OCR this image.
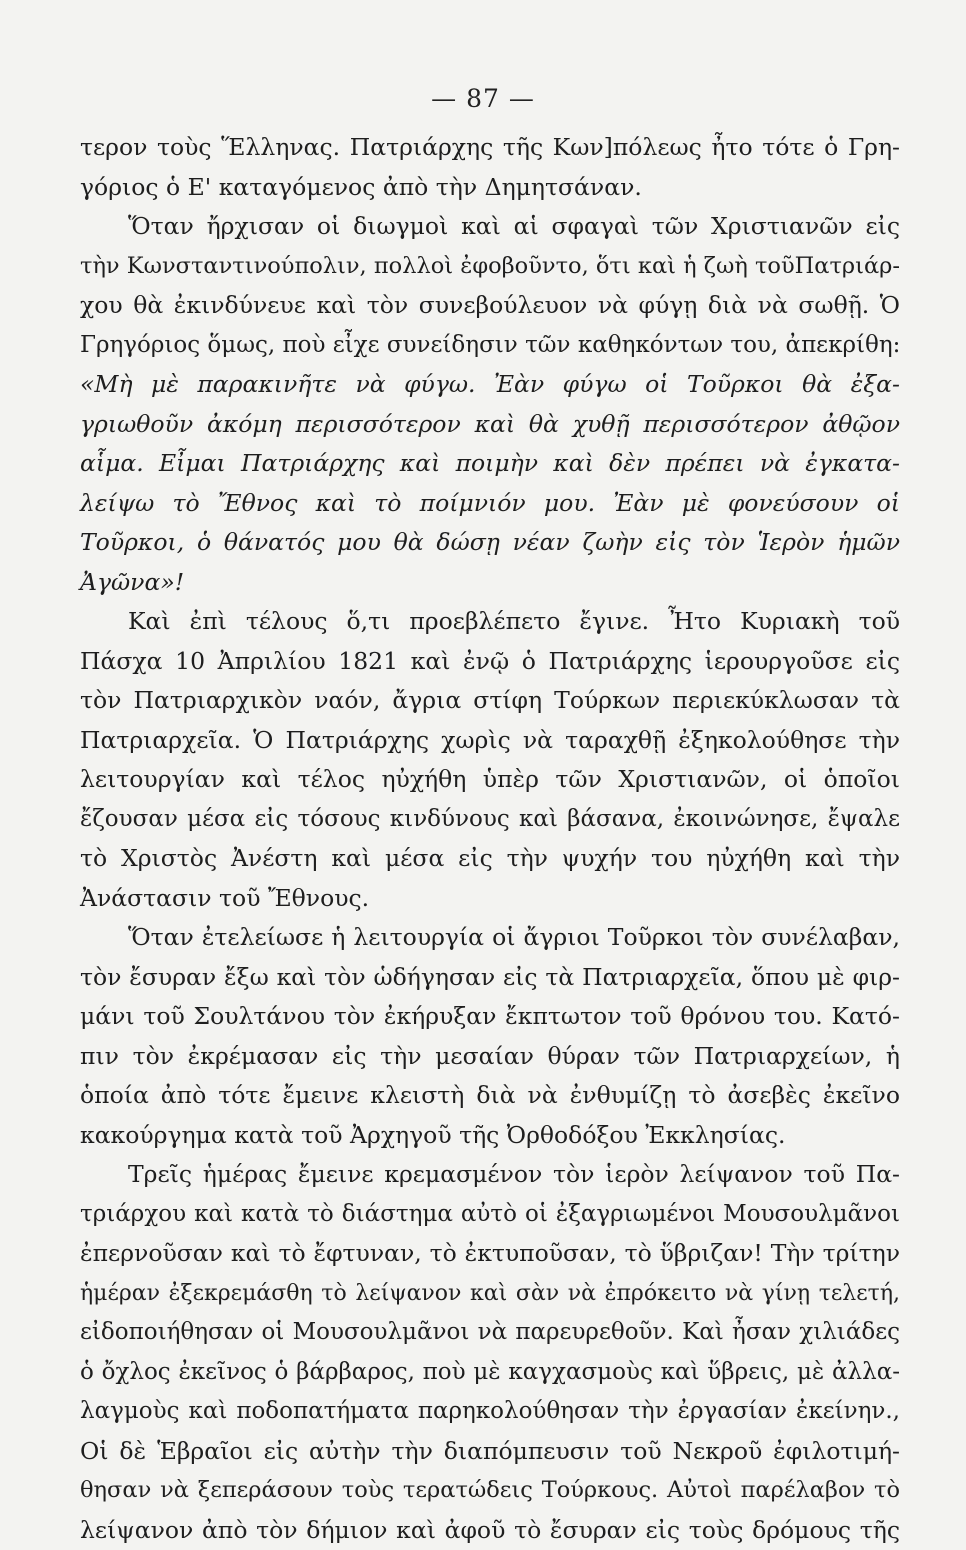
— 87 —
τερον τοὺς Ἕλληνας. Πατριάρχης τῆς Κων]πόλεως ἦτο τότε ὁ Γρη-
γόριος ὁ Ε' καταγόμενος ἀπὸ τὴν Δημητσάναν.
Ὅταν ἤρχισαν οἱ διωγμοὶ καὶ αἱ σφαγαὶ τῶν Χριστιανῶν εἰς
τὴν Κωνσταντινούπολιν, πολλοὶ ἐφοβοῦντο, ὅτι καὶ ἡ ζωὴ τοῦΠατριάρ-
χου θὰ ἐκινδύνευε καὶ τὸν συνεβούλευον νὰ φύγῃ διὰ νὰ σωθῇ. Ὁ
Γρηγόριος ὅμως, ποὺ εἶχε συνείδησιν τῶν καθηκόντων του, ἀπεκρίθη:
«Μὴ μὲ παρακινῆτε νὰ φύγω. Ἐὰν φύγω οἱ Τοῦρκοι θὰ ἐξα-
γριωθοῦν ἀκόμη περισσότερον καὶ θὰ χυθῇ περισσότερον ἀθῷον
αἷμα. Εἶμαι Πατριάρχης καὶ ποιμὴν καὶ δὲν πρέπει νὰ ἐγκατα-
λείψω τὸ Ἔθνος καὶ τὸ ποίμνιόν μου. Ἐὰν μὲ φονεύσουν οἱ
Τοῦρκοι, ὁ θάνατός μου θὰ δώσῃ νέαν ζωὴν εἰς τὸν Ἱερὸν ἡμῶν
Ἀγῶνα»!
Καὶ ἐπὶ τέλους ὅ,τι προεβλέπετο ἔγινε. Ἦτο Κυριακὴ τοῦ
Πάσχα 10 Ἀπριλίου 1821 καὶ ἐνῷ ὁ Πατριάρχης ἱερουργοῦσε εἰς
τὸν Πατριαρχικὸν ναόν, ἄγρια στίφη Τούρκων περιεκύκλωσαν τὰ
Πατριαρχεῖα. Ὁ Πατριάρχης χωρὶς νὰ ταραχθῇ ἐξηκολούθησε τὴν
λειτουργίαν καὶ τέλος ηὐχήθη ὑπὲρ τῶν Χριστιανῶν, οἱ ὁποῖοι
ἔζουσαν μέσα εἰς τόσους κινδύνους καὶ βάσανα, ἐκοινώνησε, ἔψαλε
τὸ Χριστὸς Ἀνέστη καὶ μέσα εἰς τὴν ψυχήν του ηὐχήθη καὶ τὴν
Ἀνάστασιν τοῦ Ἔθνους.
Ὅταν ἐτελείωσε ἡ λειτουργία οἱ ἄγριοι Τοῦρκοι τὸν συνέλαβαν,
τὸν ἔσυραν ἔξω καὶ τὸν ὡδήγησαν εἰς τὰ Πατριαρχεῖα, ὅπου μὲ φιρ-
μάνι τοῦ Σουλτάνου τὸν ἐκήρυξαν ἔκπτωτον τοῦ θρόνου του. Κατό-
πιν τὸν ἐκρέμασαν εἰς τὴν μεσαίαν θύραν τῶν Πατριαρχείων, ἡ
ὁποία ἀπὸ τότε ἔμεινε κλειστὴ διὰ νὰ ἐνθυμίζῃ τὸ ἀσεβὲς ἐκεῖνο
κακούργημα κατὰ τοῦ Ἀρχηγοῦ τῆς Ὀρθοδόξου Ἐκκλησίας.
Τρεῖς ἡμέρας ἔμεινε κρεμασμένον τὸν ἱερὸν λείψανον τοῦ Πα-
τριάρχου καὶ κατὰ τὸ διάστημα αὐτὸ οἱ ἐξαγριωμένοι Μουσουλμᾶνοι
ἐπερνοῦσαν καὶ τὸ ἔφτυναν, τὸ ἐκτυποῦσαν, τὸ ὕβριζαν! Τὴν τρίτην
ἡμέραν ἐξεκρεμάσθη τὸ λείψανον καὶ σὰν νὰ ἐπρόκειτο νὰ γίνῃ τελετή,
εἰδοποιήθησαν οἱ Μουσουλμᾶνοι νὰ παρευρεθοῦν. Καὶ ἦσαν χιλιάδες
ὁ ὄχλος ἐκεῖνος ὁ βάρβαρος, ποὺ μὲ καγχασμοὺς καὶ ὕβρεις, μὲ ἀλλα-
λαγμοὺς καὶ ποδοπατήματα παρηκολούθησαν τὴν ἐργασίαν ἐκείνην.,
Οἱ δὲ Ἑβραῖοι εἰς αὐτὴν τὴν διαπόμπευσιν τοῦ Νεκροῦ ἐφιλοτιμή-
θησαν νὰ ξεπεράσουν τοὺς τερατώδεις Τούρκους. Αὐτοὶ παρέλαβον τὸ
λείψανον ἀπὸ τὸν δήμιον καὶ ἀφοῦ τὸ ἔσυραν εἰς τοὺς δρόμους τῆς
